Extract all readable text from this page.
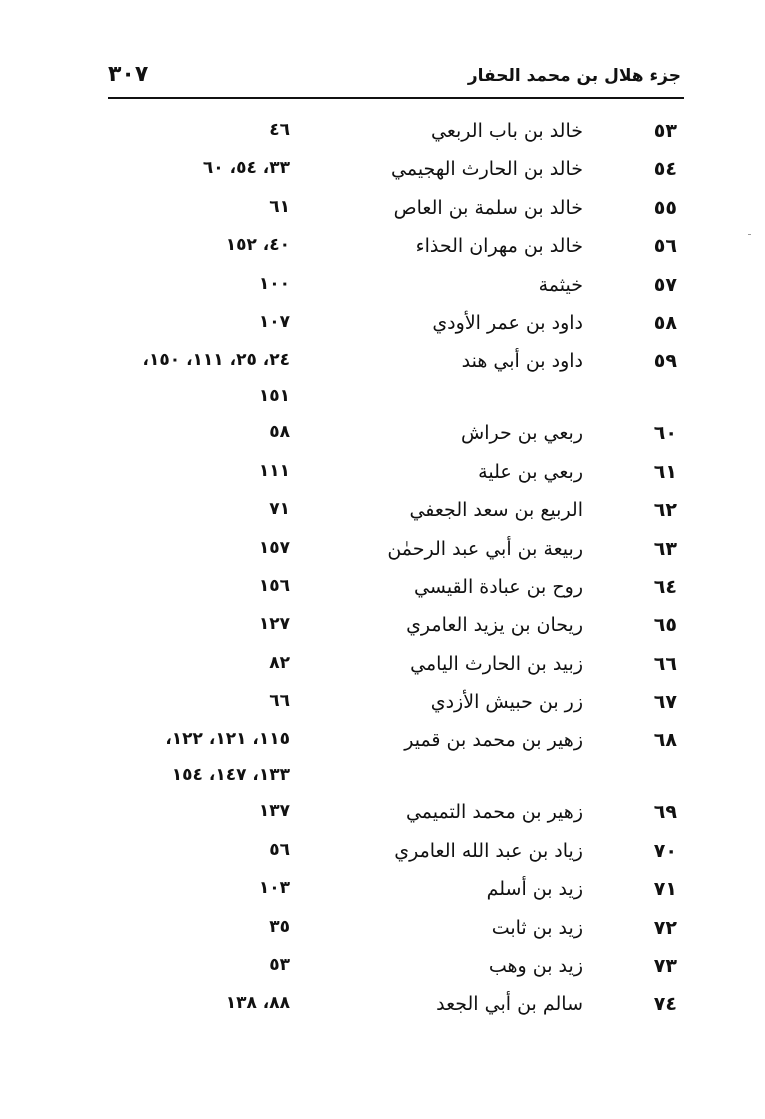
جزء هلال بن محمد الحفار
٣٠٧
٥٣
خالد بن باب الربعي
٤٦
٥٤
خالد بن الحارث الهجيمي
٣٣، ٥٤، ٦٠
٥٥
خالد بن سلمة بن العاص
٦١
٥٦
خالد بن مهران الحذاء
٤٠، ١٥٢
٥٧
خيثمة
١٠٠
٥٨
داود بن عمر الأودي
١٠٧
٥٩
داود بن أبي هند
٢٤، ٢٥، ١١١، ١٥٠،
١٥١
٦٠
ربعي بن حراش
٥٨
٦١
ربعي بن علية
١١١
٦٢
الربيع بن سعد الجعفي
٧١
٦٣
ربيعة بن أبي عبد الرحمٰن
١٥٧
٦٤
روح بن عبادة القيسي
١٥٦
٦٥
ريحان بن يزيد العامري
١٢٧
٦٦
زبيد بن الحارث اليامي
٨٢
٦٧
زر بن حبيش الأزدي
٦٦
٦٨
زهير بن محمد بن قمير
١١٥، ١٢١، ١٢٢،
١٣٣، ١٤٧، ١٥٤
٦٩
زهير بن محمد التميمي
١٣٧
٧٠
زياد بن عبد الله العامري
٥٦
٧١
زيد بن أسلم
١٠٣
٧٢
زيد بن ثابت
٣٥
٧٣
زيد بن وهب
٥٣
٧٤
سالم بن أبي الجعد
٨٨، ١٣٨
